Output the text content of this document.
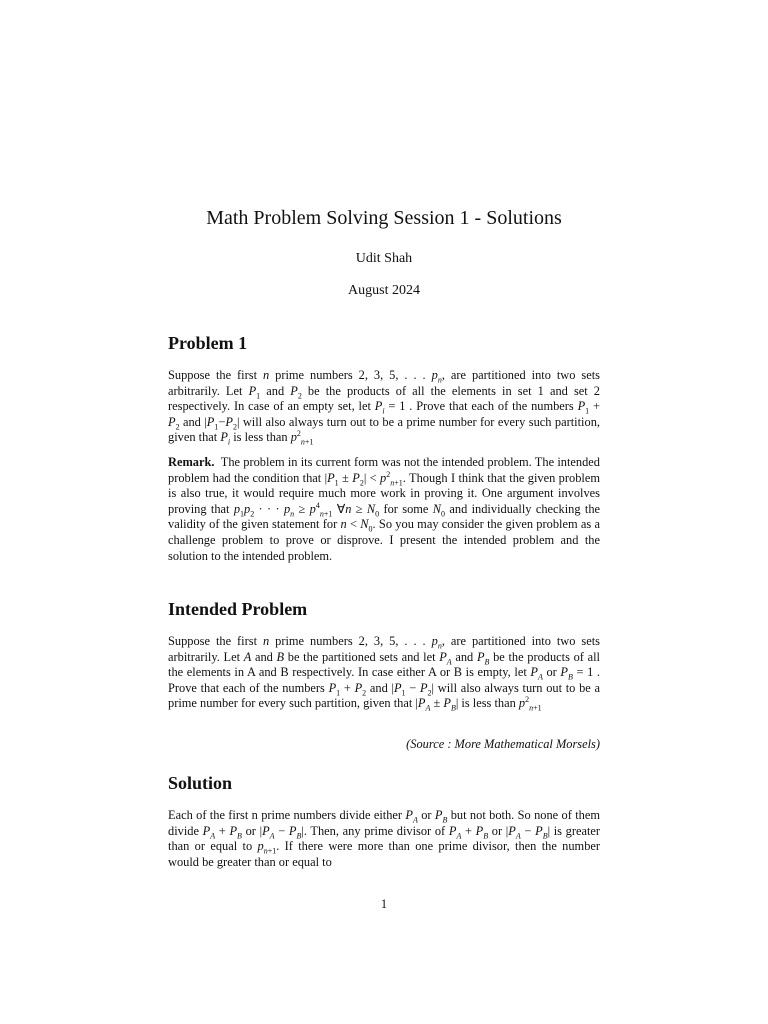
Math Problem Solving Session 1 - Solutions
Udit Shah
August 2024
Problem 1

Suppose the first n prime numbers 2, 3, 5, . . . $p_n$, are partitioned into two sets arbitrarily. Let $P_1$ and $P_2$ be the products of all the elements in set 1 and set 2 respectively. In case of an empty set, let $P_i = 1$ . Prove that each of the numbers $P_1 + P_2$ and $|P_1-P_2|$ will also always turn out to be a prime number for every such partition, given that $P_i$ is less than $p^2_{n+1}$

Remark.  The problem in its current form was not the intended problem. The intended problem had the condition that $|P_1 \pm P_2| < p^2_{n+1}$. Though I think that the given problem is also true, it would require much more work in proving it. One argument involves proving that $p_1p_2$ · · · $p_n \ge p^4_{n+1}$ ∀n ≥ $N_0$ for some $N_0$ and individually checking the validity of the given statement for $n < N_0$. So you may consider the given problem as a challenge problem to prove or disprove. I present the intended problem and the solution to the intended problem.

Intended Problem

Suppose the first n prime numbers 2, 3, 5, . . . $p_n$, are partitioned into two sets arbitrarily. Let A and B be the partitioned sets and let $P_A$ and $P_B$ be the products of all the elements in A and B respectively. In case either A or B is empty, let $P_A$ or $P_B = 1$ . Prove that each of the numbers $P_1 + P_2$ and $|P_1 - P_2|$ will also always turn out to be a prime number for every such partition, given that $|P_A \pm P_B|$ is less than $p^2_{n+1}$

(Source : More Mathematical Morsels)
Solution

Each of the first n prime numbers divide either $P_A$ or $P_B$ but not both. So none of them divide $P_A + P_B$ or $|P_A - P_B|$. Then, any prime divisor of $P_A + P_B$ or $|P_A - P_B|$ is greater than or equal to $p_{n+1}$. If there were more than one prime divisor, then the number would be greater than or equal to

1
